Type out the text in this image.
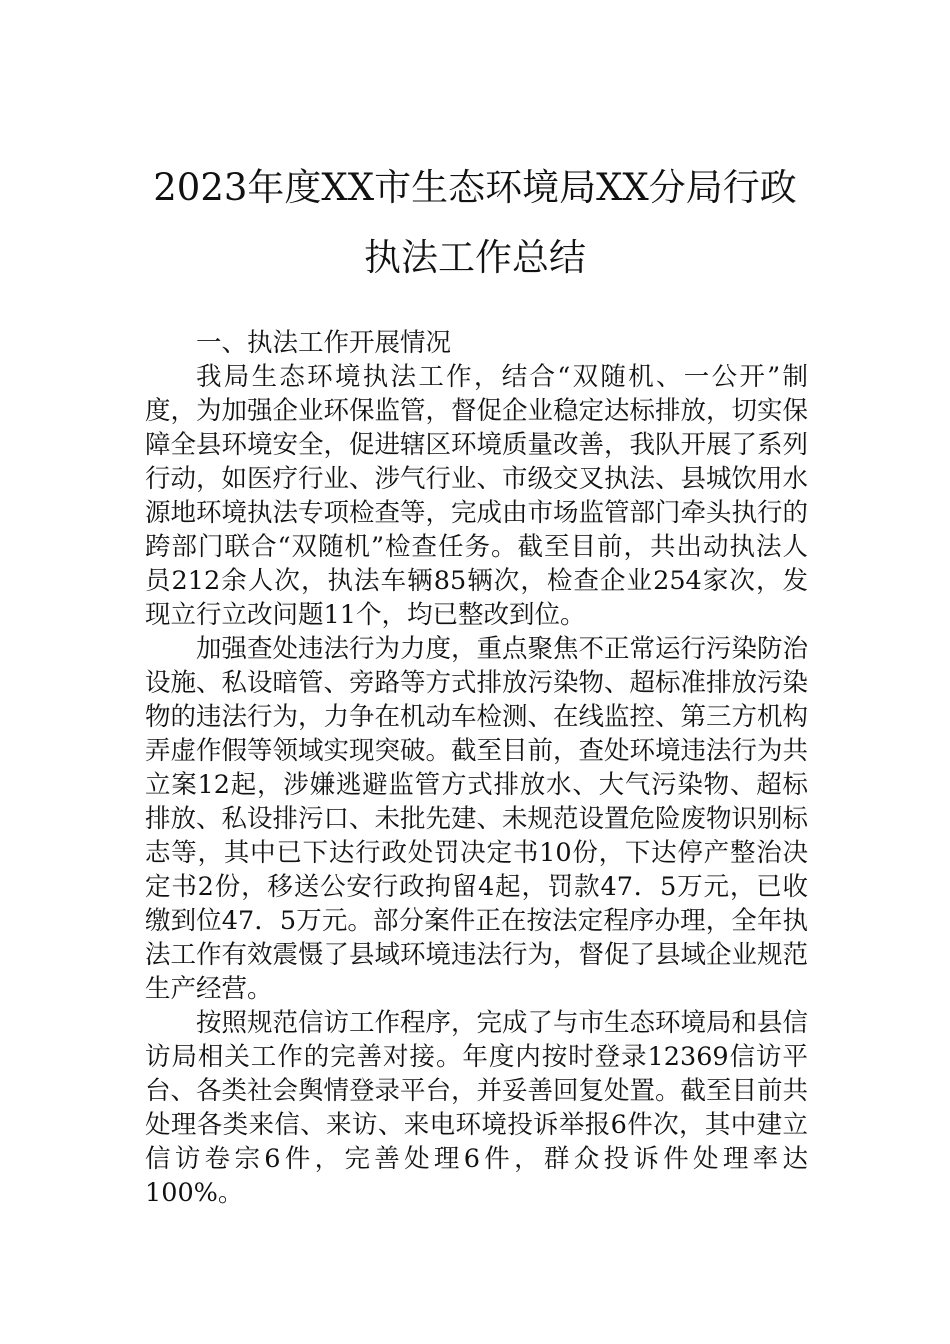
2023年度XX市生态环境局XX分局行政
执法工作总结

一、执法工作开展情况

我局生态环境执法工作，结合“双随机、一公开”制度，为加强企业环保监管，督促企业稳定达标排放，切实保障全县环境安全，促进辖区环境质量改善，我队开展了系列行动，如医疗行业、涉气行业、市级交叉执法、县城饮用水源地环境执法专项检查等，完成由市场监管部门牵头执行的跨部门联合“双随机”检查任务。截至目前，共出动执法人员212余人次，执法车辆85辆次，检查企业254家次，发现立行立改问题11个，均已整改到位。

加强查处违法行为力度，重点聚焦不正常运行污染防治设施、私设暗管、旁路等方式排放污染物、超标准排放污染物的违法行为，力争在机动车检测、在线监控、第三方机构弄虚作假等领域实现突破。截至目前，查处环境违法行为共立案12起，涉嫌逃避监管方式排放水、大气污染物、超标排放、私设排污口、未批先建、未规范设置危险废物识别标志等，其中已下达行政处罚决定书10份，下达停产整治决定书2份，移送公安行政拘留4起，罚款47．5万元，已收缴到位47．5万元。部分案件正在按法定程序办理，全年执法工作有效震慑了县域环境违法行为，督促了县域企业规范生产经营。

按照规范信访工作程序，完成了与市生态环境局和县信访局相关工作的完善对接。年度内按时登录12369信访平台、各类社会舆情登录平台，并妥善回复处置。截至目前共处理各类来信、来访、来电环境投诉举报6件次，其中建立信访卷宗6件，完善处理6件，群众投诉件处理率达100%。
